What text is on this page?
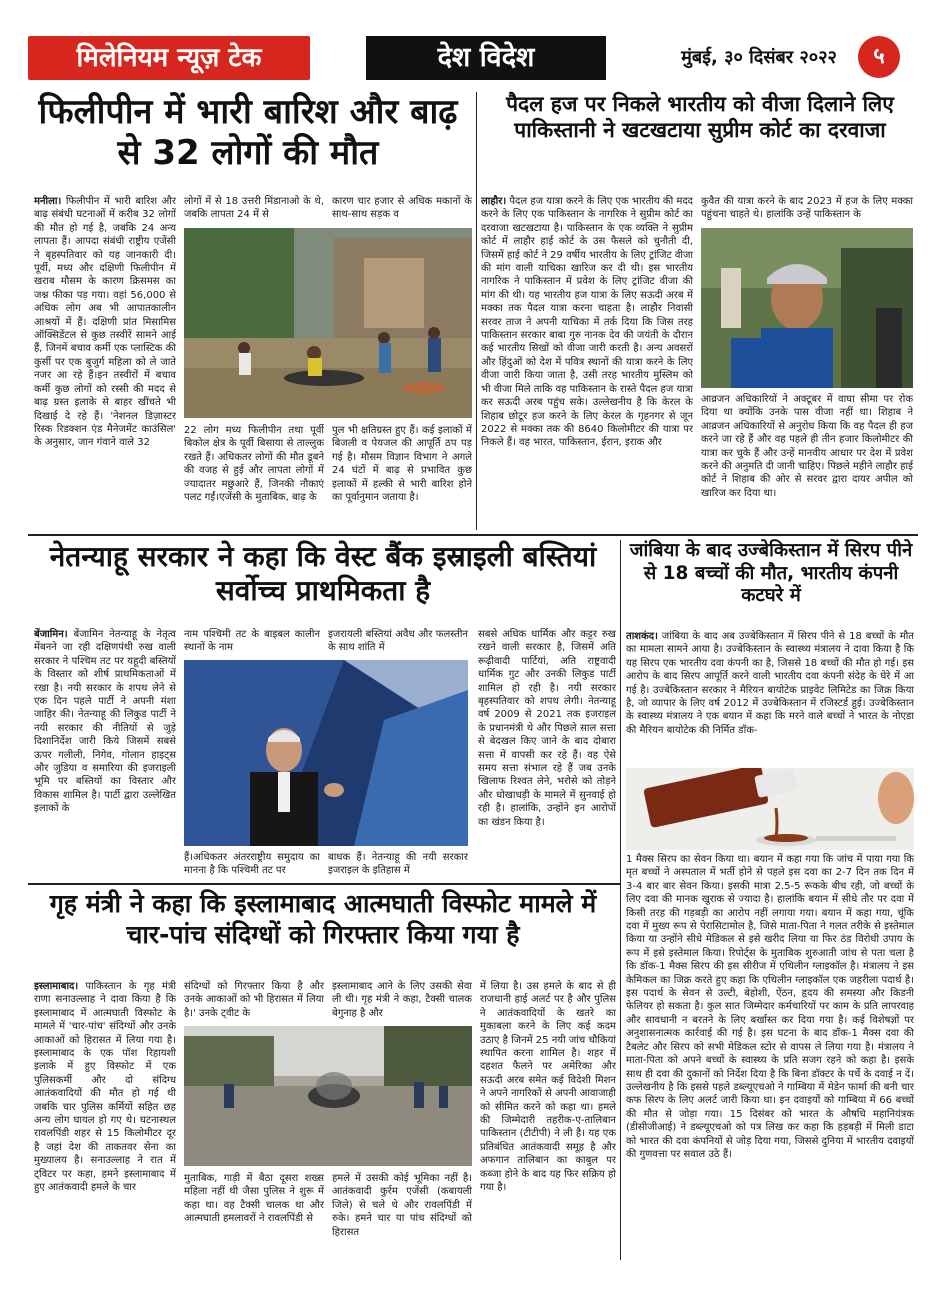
मिलेनियम न्यूज़ टेक	देश विदेश	मुंबई, ३० दिसंबर २०२२	५
फिलीपीन में भारी बारिश और बाढ़ से 32 लोगों की मौत
मनीला। फिलीपीन में भारी बारिश और बाढ़ संबंधी घटनाओं में करीब 32 लोगों की मौत हो गई है, जबकि 24 अन्य लापता हैं। आपदा संबंधी राष्ट्रीय एजेंसी ने बृहस्पतिवार को यह जानकारी दी। पूर्वी, मध्य और दक्षिणी फिलीपीन में खराब मौसम के कारण क्रिसमस का जश्न फीका पड़ गया। वहां 56,000 से अधिक लोग अब भी आपातकालीन आश्रयों में हैं। दक्षिणी प्रांत मिसामिस ऑक्सिडेंटल से कुछ तस्वीरें सामने आई हैं, जिनमें बचाव कर्मी एक प्लास्टिक की कुर्सी पर एक बुजुर्ग महिला को ले जाते नजर आ रहे हैं।इन तस्वीरों में बचाव कर्मी कुछ लोगों को रस्सी की मदद से बाढ़ ग्रस्त इलाके से बाहर खींचते भी दिखाई दे रहे हैं। 'नेशनल डिज़ास्टर रिस्क रिडक्शन एंड मैनेजमेंट काउंसिल' के अनुसार, जान गंवाने वाले 32
लोगों में से 18 उत्तरी मिंडानाओ के थे, जबकि लापता 24 में से
कारण चार हजार से अधिक मकानों के साथ-साथ सड़क व
22 लोग मध्य फिलीपीन तथा पूर्वी बिकोल क्षेत्र के पूर्वी बिसाया से ताल्लुक रखते हैं। अधिकतर लोगों की मौत डूबने की वजह से हुई और लापता लोगों में ज्यादातर मछुआरे हैं, जिनकी नौकाएं पलट गईं।एजेंसी के मुताबिक, बाढ़ के
पुल भी क्षतिग्रस्त हुए हैं। कई इलाकों में बिजली व पेयजल की आपूर्ति ठप पड़ गई है। मौसम विज्ञान विभाग ने अगले 24 घंटों में बाढ़ से प्रभावित कुछ इलाकों में हल्की से भारी बारिश होने का पूर्वानुमान जताया है।
पैदल हज पर निकले भारतीय को वीजा दिलाने लिए पाकिस्तानी ने खटखटाया सुप्रीम कोर्ट का दरवाजा
लाहौर। पैदल हज यात्रा करने के लिए एक भारतीय की मदद करने के लिए एक पाकिस्तान के नागरिक ने सुप्रीम कोर्ट का दरवाजा खटखटाया है। पाकिस्तान के एक व्यक्ति ने सुप्रीम कोर्ट में लाहौर हाई कोर्ट के उस फैसले को चुनौती दी, जिसमें हाई कोर्ट ने 29 वर्षीय भारतीय के लिए ट्रांजिट वीजा की मांग वाली याचिका खारिज कर दी थी। इस भारतीय नागरिक ने पाकिस्तान में प्रवेश के लिए ट्रांजिट वीजा की मांग की थी। यह भारतीय हज यात्रा के लिए सऊदी अरब में मक्का तक पैदल यात्रा करना चाहता है। लाहौर निवासी सरवर ताज ने अपनी याचिका में तर्क दिया कि जिस तरह पाकिस्तान सरकार बाबा गुरु नानक देव की जयंती के दौरान कई भारतीय सिखों को वीजा जारी करती है। अन्य अवसरों और हिंदुओं को देश में पवित्र स्थानों की यात्रा करने के लिए वीजा जारी किया जाता है, उसी तरह भारतीय मुस्लिम को भी वीजा मिले ताकि वह पाकिस्तान के रास्ते पैदल हज यात्रा कर सऊदी अरब पहुंच सके। उल्लेखनीय है कि केरल के शिहाब छोटूर हज करने के लिए केरल के गृहनगर से जून 2022 से मक्का तक की 8640 किलोमीटर की यात्रा पर निकले हैं। वह भारत, पाकिस्तान, ईरान, इराक और
कुवैत की यात्रा करने के बाद 2023 में हज के लिए मक्का पहुंचना चाहते थे। हालांकि उन्हें पाकिस्तान के
आव्रजन अधिकारियों ने अक्टूबर में वाघा सीमा पर रोक दिया था क्योंकि उनके पास वीजा नहीं था। शिहाब ने आव्रजन अधिकारियों से अनुरोध किया कि वह पैदल ही हज करने जा रहे हैं और वह पहले ही तीन हजार किलोमीटर की यात्रा कर चुके हैं और उन्हें मानवीय आधार पर देश में प्रवेश करने की अनुमति दी जानी चाहिए। पिछले महीने लाहौर हाई कोर्ट ने शिहाब की ओर से सरवर द्वारा दायर अपील को खारिज कर दिया था।
नेतन्याहू सरकार ने कहा कि वेस्ट बैंक इस्राइली बस्तियां सर्वोच्च प्राथमिकता है
बेंजामिन। बेंजामिन नेतन्याहू के नेतृत्व मेंबनने जा रही दक्षिणपंथी रुख वाली सरकार ने पश्चिम तट पर यहूदी बस्तियों के विस्तार को शीर्ष प्राथमिकताओं में रखा है। नयी सरकार के शपथ लेने से एक दिन पहले पार्टी ने अपनी मंशा जाहिर की। नेतन्याहू की लिकुड पार्टी ने नयी सरकार की नीतियों से जुड़े दिशानिर्देश जारी किये जिसमें सबसे ऊपर गलीली, निगेव, गोलान हाइट्स और जुडिया व समारिया की इजराइली भूमि पर बस्तियों का विस्तार और विकास शामिल है। पार्टी द्वारा उल्लेखित इलाकों के
नाम पश्चिमी तट के बाइबल कालीन स्थानों के नाम
इजरायली बस्तियां अवैध और फलस्तीन के साथ शांति में
हैं।अधिकतर अंतरराष्ट्रीय समुदाय का मानना है कि पश्चिमी तट पर
बाधक हैं। नेतन्याहू की नयी सरकार इजराइल के इतिहास में
सबसे अधिक धार्मिक और कट्टर रुख रखने वाली सरकार है, जिसमें अति रूढ़ीवादी पार्टियां, अति राष्ट्रवादी धार्मिक गुट और उनकी लिकुड पार्टी शामिल हो रही है। नयी सरकार बृहस्पतिवार को शपथ लेगी। नेतन्याहू वर्ष 2009 से 2021 तक इजराइल के प्रधानमंत्री थे और पिछले साल सत्ता से बेदखल किए जाने के बाद दोबारा सत्ता में वापसी कर रहे हैं। वह ऐसे समय सत्ता संभाल रहे हैं जब उनके खिलाफ रिश्वत लेने, भरोसे को तोड़ने और धोखाधड़ी के मामले में सुनवाई हो रही है। हालांकि, उन्होंने इन आरोपों का खंडन किया है।
जांबिया के बाद उज्बेकिस्तान में सिरप पीने से 18 बच्चों की मौत, भारतीय कंपनी कटघरे में
ताशकंद। जांबिया के बाद अब उज्बेकिस्तान में सिरप पीने से 18 बच्चों के मौत का मामला सामने आया है। उज्बेकिस्तान के स्वास्थ्य मंत्रालय ने दावा किया है कि यह सिरप एक भारतीय दवा कंपनी का है, जिससे 18 बच्चों की मौत हो गई। इस आरोप के बाद सिरप आपूर्ति करने वाली भारतीय दवा कंपनी संदेह के घेरे में आ गई है। उज्बेकिस्तान सरकार ने मैरियन बायोटेक प्राइवेट लिमिटेड का जिक्र किया है, जो व्यापार के लिए वर्ष 2012 में उज्बेकिस्तान में रजिस्टर्ड हुई। उज्बेकिस्तान के स्वास्थ्य मंत्रालय ने एक बयान में कहा कि मरने वाले बच्चों ने भारत के नोएडा की मैरियन बायोटेक की निर्मित डॉक-
1 मैक्स सिरप का सेवन किया था। बयान में कहा गया कि जांच में पाया गया कि मृत बच्चों ने अस्पताल में भर्ती होने से पहले इस दवा का 2-7 दिन तक दिन में 3-4 बार बार सेवन किया। इसकी मात्रा 2.5-5 रूकके बीच रही, जो बच्चों के लिए दवा की मानक खुराक से ज्यादा है। हालांकि बयान में सीधे तौर पर दवा में किसी तरह की गड़बड़ी का आरोप नहीं लगाया गया। बयान में कहा गया, चूंकि दवा में मुख्य रूप से पेरासिटामोल है, जिसे माता-पिता ने गलत तरीके से इस्तेमाल किया या उन्होंने सीधे मेडिकल से इसे खरीद लिया या फिर ठंड विरोधी उपाय के रूप में इसे इस्तेमाल किया। रिपोर्ट्स के मुताबिक शुरुआती जांच से पता चला है कि डॉक-1 मैक्स सिरप की इस सीरीज में एथिलीन ग्लाइकॉल है। मंत्रालय ने इस केमिकल का जिक्र करते हुए कहा कि एथिलीन ग्लाइकॉल एक जहरीला पदार्थ है। इस पदार्थ के सेवन से उल्टी, बेहोशी, ऐंठन, हृदय की समस्या और किडनी फेलियर हो सकता है। कुल सात जिम्मेदार कर्मचारियों पर काम के प्रति लापरवाह और सावधानी न बरतने के लिए बर्खास्त कर दिया गया है। कई विशेषज्ञों पर अनुशासनात्मक कार्रवाई की गई है। इस घटना के बाद डॉक-1 मैक्स दवा की टैबलेट और सिरप को सभी मेडिकल स्टोर से वापस ले लिया गया है। मंत्रालय ने माता-पिता को अपने बच्चों के स्वास्थ्य के प्रति सजग रहने को कहा है। इसके साथ ही दवा की दुकानों को निर्देश दिया है कि बिना डॉक्टर के पर्चे के दवाई न दें। उल्लेखनीय है कि इससे पहले डब्ल्यूएचओ ने गाम्बिया में मेडेन फार्मा की बनी चार कफ सिरप के लिए अलर्ट जारी किया था। इन दवाइयों को गाम्बिया में 66 बच्चों की मौत से जोड़ा गया। 15 दिसंबर को भारत के औषधि महानियंत्रक (डीसीजीआई) ने डब्ल्यूएचओ को पत्र लिख कर कहा कि हड़बड़ी में मिली डाटा को भारत की दवा कंपनियों से जोड़ दिया गया, जिससे दुनिया में भारतीय दवाइयों की गुणवत्ता पर सवाल उठे हैं।
गृह मंत्री ने कहा कि इस्लामाबाद आत्मघाती विस्फोट मामले में चार-पांच संदिग्धों को गिरफ्तार किया गया है
इस्लामाबाद। पाकिस्तान के गृह मंत्री राणा सनाउल्लाह ने दावा किया है कि इस्लामाबाद में आत्मघाती विस्फोट के मामले में 'चार-पांच' संदिग्धों और उनके आकाओं को हिरासत में लिया गया है। इस्लामाबाद के एक पॉश रिहायशी इलाके में हुए विस्फोट में एक पुलिसकर्मी और दो संदिग्ध आतंकवादियों की मौत हो गई थी जबकि चार पुलिस कर्मियों सहित छह अन्य लोग घायल हो गए थे। घटनास्थल रावलपिंडी शहर से 15 किलोमीटर दूर है जहां देश की ताकतवर सेना का मुख्यालय है। सनाउल्लाह ने रात में ट्विटर पर कहा, हमने इस्लामाबाद में हुए आतंकवादी हमले के चार
संदिग्धों को गिरफ्तार किया है और उनके आकाओं को भी हिरासत में लिया है।' उनके ट्वीट के
इस्लामाबाद आने के लिए उसकी सेवा ली थी। गृह मंत्री ने कहा, टैक्सी चालक बेगुनाह है और
मुताबिक, गाड़ी में बैठा दूसरा शख्स महिला नहीं थी जैसा पुलिस ने शुरू में कहा था। वह टैक्सी चालक था और आत्मघाती हमलावरों ने रावलपिंडी से
हमले में उसकी कोई भूमिका नहीं है। आतंकवादी कुर्रम एजेंसी (कबायली जिले) से चले थे और रावलपिंडी में रुके। हमने चार या पांच संदिग्धों को हिरासत
में लिया है। उस हमले के बाद से ही राजधानी हाई अलर्ट पर है और पुलिस ने आतंकवादियों के खतरे का मुकाबला करने के लिए कई कदम उठाए है जिनमें 25 नयी जांच चौकियां स्थापित करना शामिल है। शहर में दहशत फैलने पर अमेरिका और सऊदी अरब समेत कई विदेशी मिशन ने अपने नागरिकों से अपनी आवाजाही को सीमित करने को कहा था। हमले की जिम्मेदारी तहरीक-ए-तालिबान पाकिस्तान (टीटीपी) ने ली है। यह एक प्रतिबंधित आतंकवादी समूह है और अफगान तालिबान का काबुल पर कब्जा होने के बाद यह फिर सक्रिय हो गया है।
